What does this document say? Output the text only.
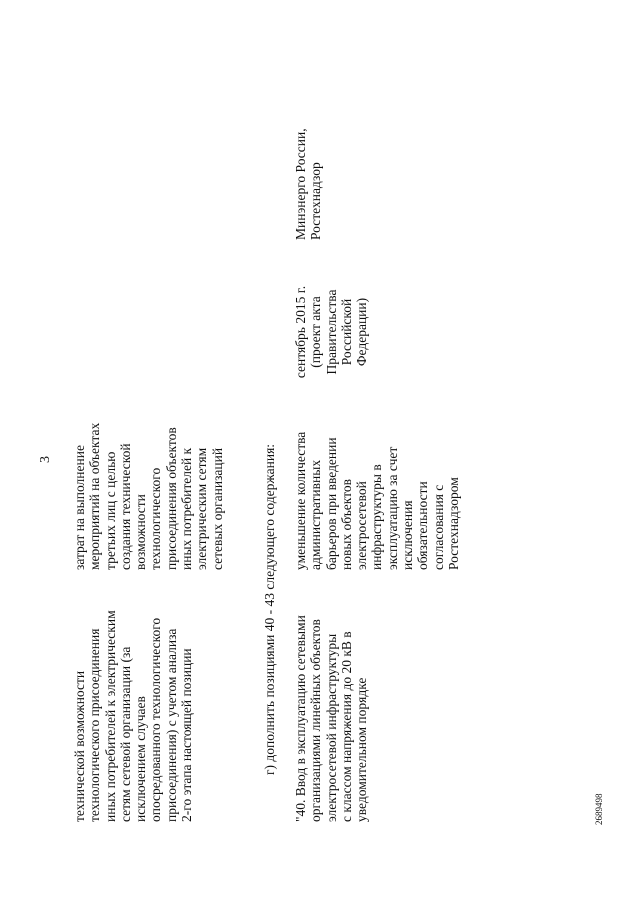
3
технической возможности
технологического присоединения
иных потребителей к электрическим
сетям сетевой организации (за
исключением случаев
опосредованного технологического
присоединения) с учетом анализа
2-го этапа настоящей позиции
затрат на выполнение
мероприятий на объектах
третьих лиц с целью
создания технической
возможности
технологического
присоединения объектов
иных потребителей к
электрическим сетям
сетевых организаций	г) дополнить позициями 40 - 43 следующего содержания:
"40. Ввод в эксплуатацию сетевыми
организациями линейных объектов
электросетевой инфраструктуры
с классом напряжения до 20 кВ в
уведомительном порядке
уменьшение количества
административных
барьеров при введении
новых объектов
электросетевой
инфраструктуры в
эксплуатацию за счет
исключения
обязательности
согласования с
Ростехнадзором
сентябрь 2015 г.
(проект акта
Правительства
Российской
Федерации)
Минэнерго России,
Ростехнадзор
2689498
